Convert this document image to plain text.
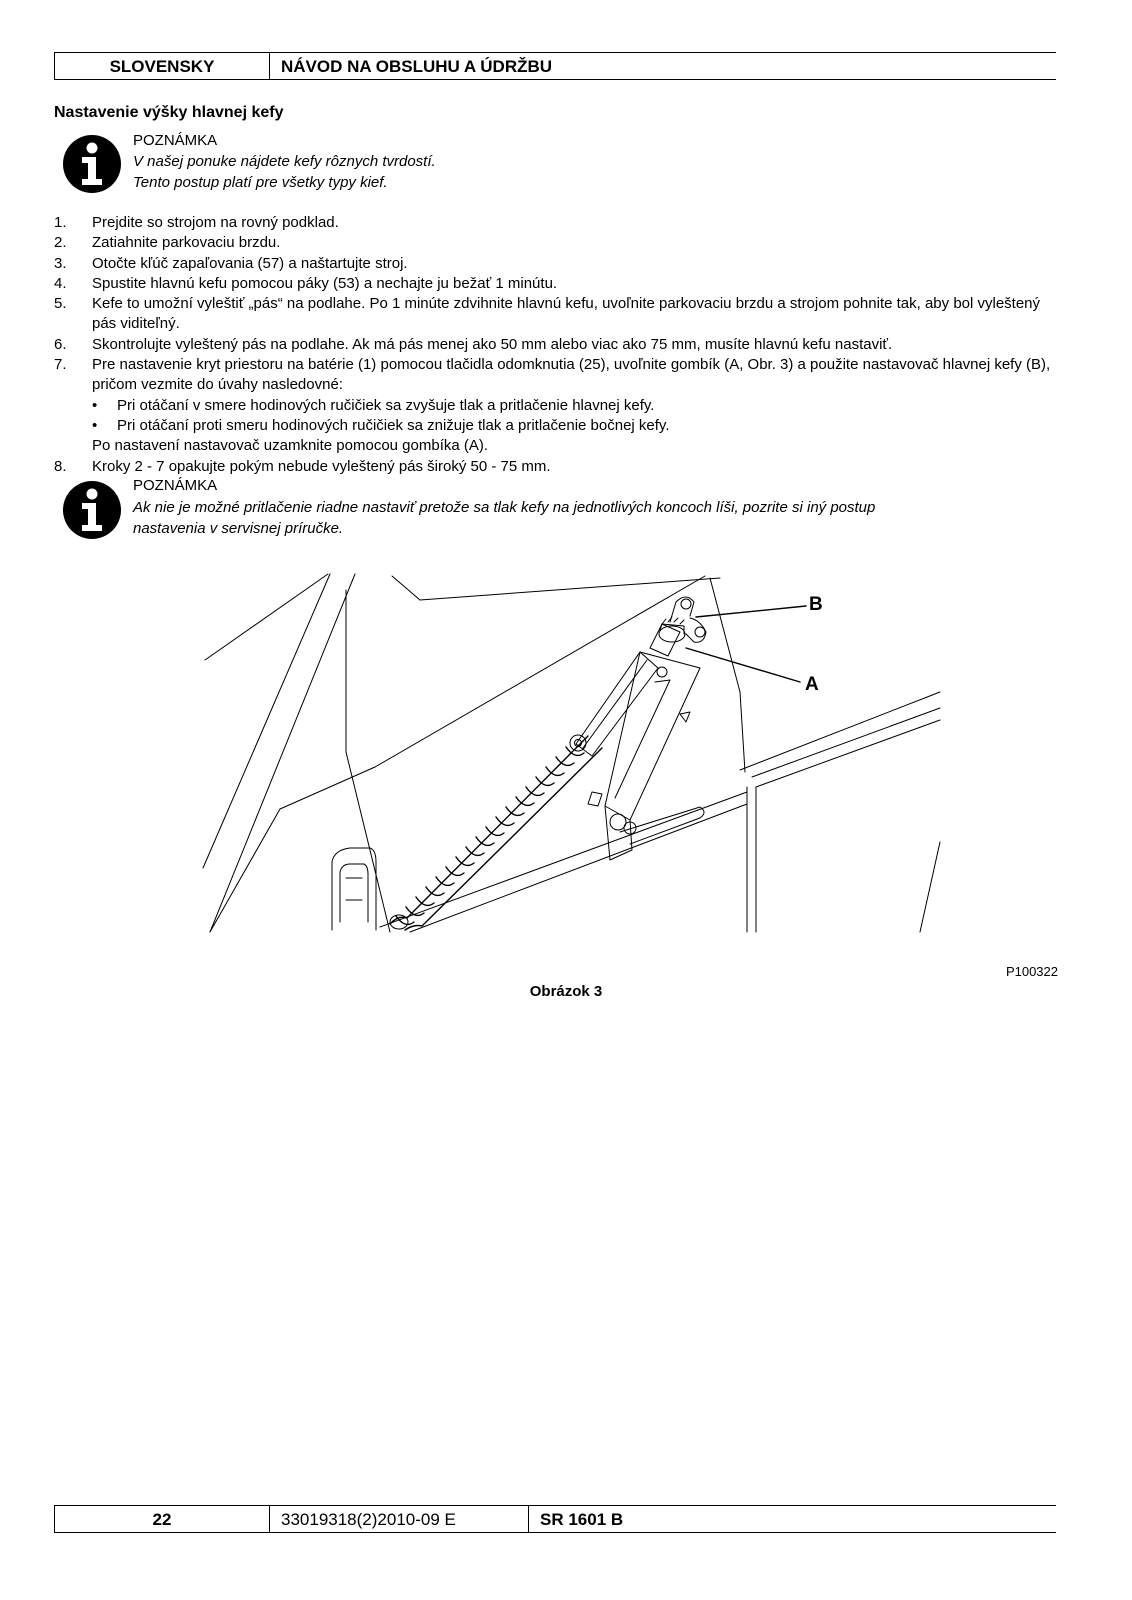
SLOVENSKY	NÁVOD NA OBSLUHU A ÚDRŽBU
Nastavenie výšky hlavnej kefy
POZNÁMKA
V našej ponuke nájdete kefy rôznych tvrdostí.
Tento postup platí pre všetky typy kief.
1. Prejdite so strojom na rovný podklad.
2. Zatiahnite parkovaciu brzdu.
3. Otočte kľúč zapaľovania (57) a naštartujte stroj.
4. Spustite hlavnú kefu pomocou páky (53) a nechajte ju bežať 1 minútu.
5. Kefe to umožní vyleštiť „pás“ na podlahe. Po 1 minúte zdvihnite hlavnú kefu, uvoľnite parkovaciu brzdu a strojom pohnite tak, aby bol vyleštený pás viditeľný.
6. Skontrolujte vyleštený pás na podlahe. Ak má pás menej ako 50 mm alebo viac ako 75 mm, musíte hlavnú kefu nastaviť.
7. Pre nastavenie kryt priestoru na batérie (1) pomocou tlačidla odomknutia (25), uvoľnite gombík (A, Obr. 3) a použite nastavovač hlavnej kefy (B), pričom vezmite do úvahy nasledovné:
• Pri otáčaní v smere hodinových ručičiek sa zvyšuje tlak a pritlačenie hlavnej kefy.
• Pri otáčaní proti smeru hodinových ručičiek sa znižuje tlak a pritlačenie bočnej kefy.
Po nastavení nastavovač uzamknite pomocou gombíka (A).
8. Kroky 2 - 7 opakujte pokým nebude vyleštený pás široký 50 - 75 mm.
POZNÁMKA
Ak nie je možné pritlačenie riadne nastaviť pretože sa tlak kefy na jednotlivých koncoch líši, pozrite si iný postup
nastavenia v servisnej príručke.
B
A
P100322
Obrázok 3
22	33019318(2)2010-09 E	SR 1601 B
